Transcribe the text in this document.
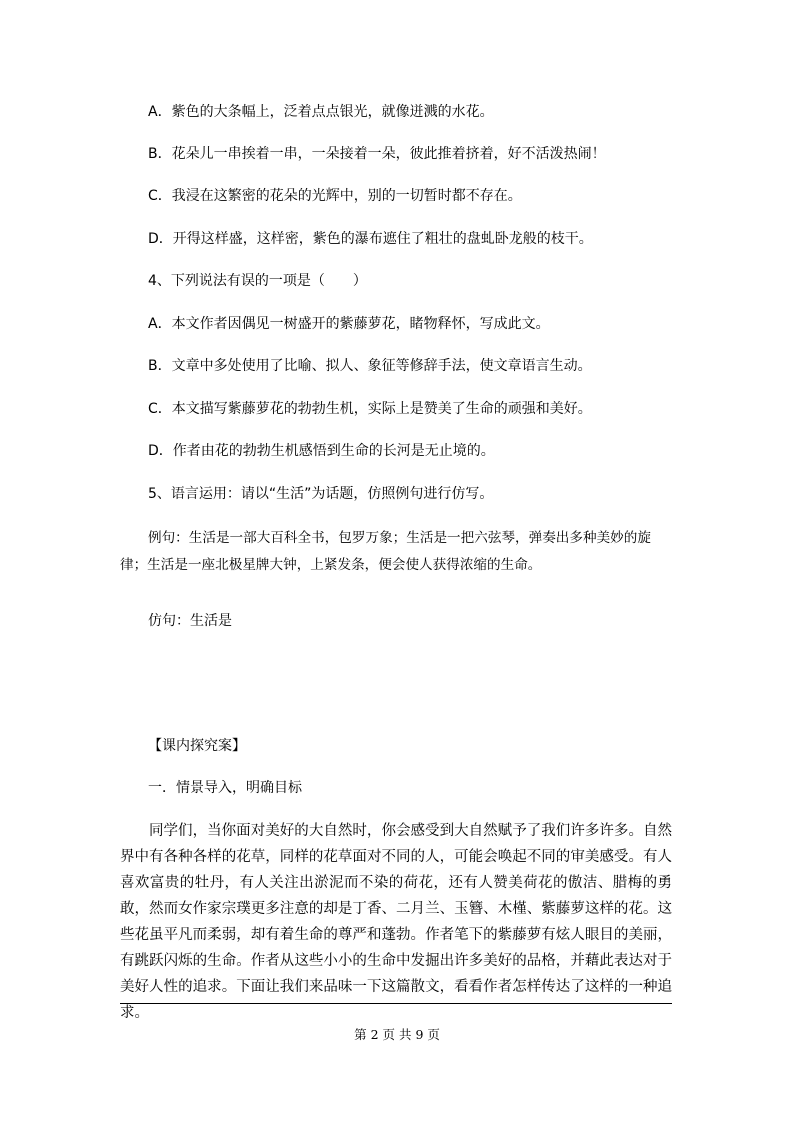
A．紫色的大条幅上，泛着点点银光，就像迸溅的水花。
B．花朵儿一串挨着一串，一朵接着一朵，彼此推着挤着，好不活泼热闹！
C．我浸在这繁密的花朵的光辉中，别的一切暂时都不存在。
D．开得这样盛，这样密，紫色的瀑布遮住了粗壮的盘虬卧龙般的枝干。
4、下列说法有误的一项是（　　）
A．本文作者因偶见一树盛开的紫藤萝花，睹物释怀，写成此文。
B．文章中多处使用了比喻、拟人、象征等修辞手法，使文章语言生动。
C．本文描写紫藤萝花的勃勃生机，实际上是赞美了生命的顽强和美好。
D．作者由花的勃勃生机感悟到生命的长河是无止境的。
5、语言运用：请以“生活”为话题，仿照例句进行仿写。
例句：生活是一部大百科全书，包罗万象；生活是一把六弦琴，弹奏出多种美妙的旋律；生活是一座北极星牌大钟，上紧发条，便会使人获得浓缩的生命。
仿句：生活是
【课内探究案】
一．情景导入，明确目标
同学们，当你面对美好的大自然时，你会感受到大自然赋予了我们许多许多。自然界中有各种各样的花草，同样的花草面对不同的人，可能会唤起不同的审美感受。有人喜欢富贵的牡丹，有人关注出淤泥而不染的荷花，还有人赞美荷花的傲洁、腊梅的勇敢，然而女作家宗璞更多注意的却是丁香、二月兰、玉簪、木槿、紫藤萝这样的花。这些花虽平凡而柔弱，却有着生命的尊严和蓬勃。作者笔下的紫藤萝有炫人眼目的美丽，有跳跃闪烁的生命。作者从这些小小的生命中发掘出许多美好的品格，并藉此表达对于美好人性的追求。下面让我们来品味一下这篇散文，看看作者怎样传达了这样的一种追求。
第 2 页 共 9 页
